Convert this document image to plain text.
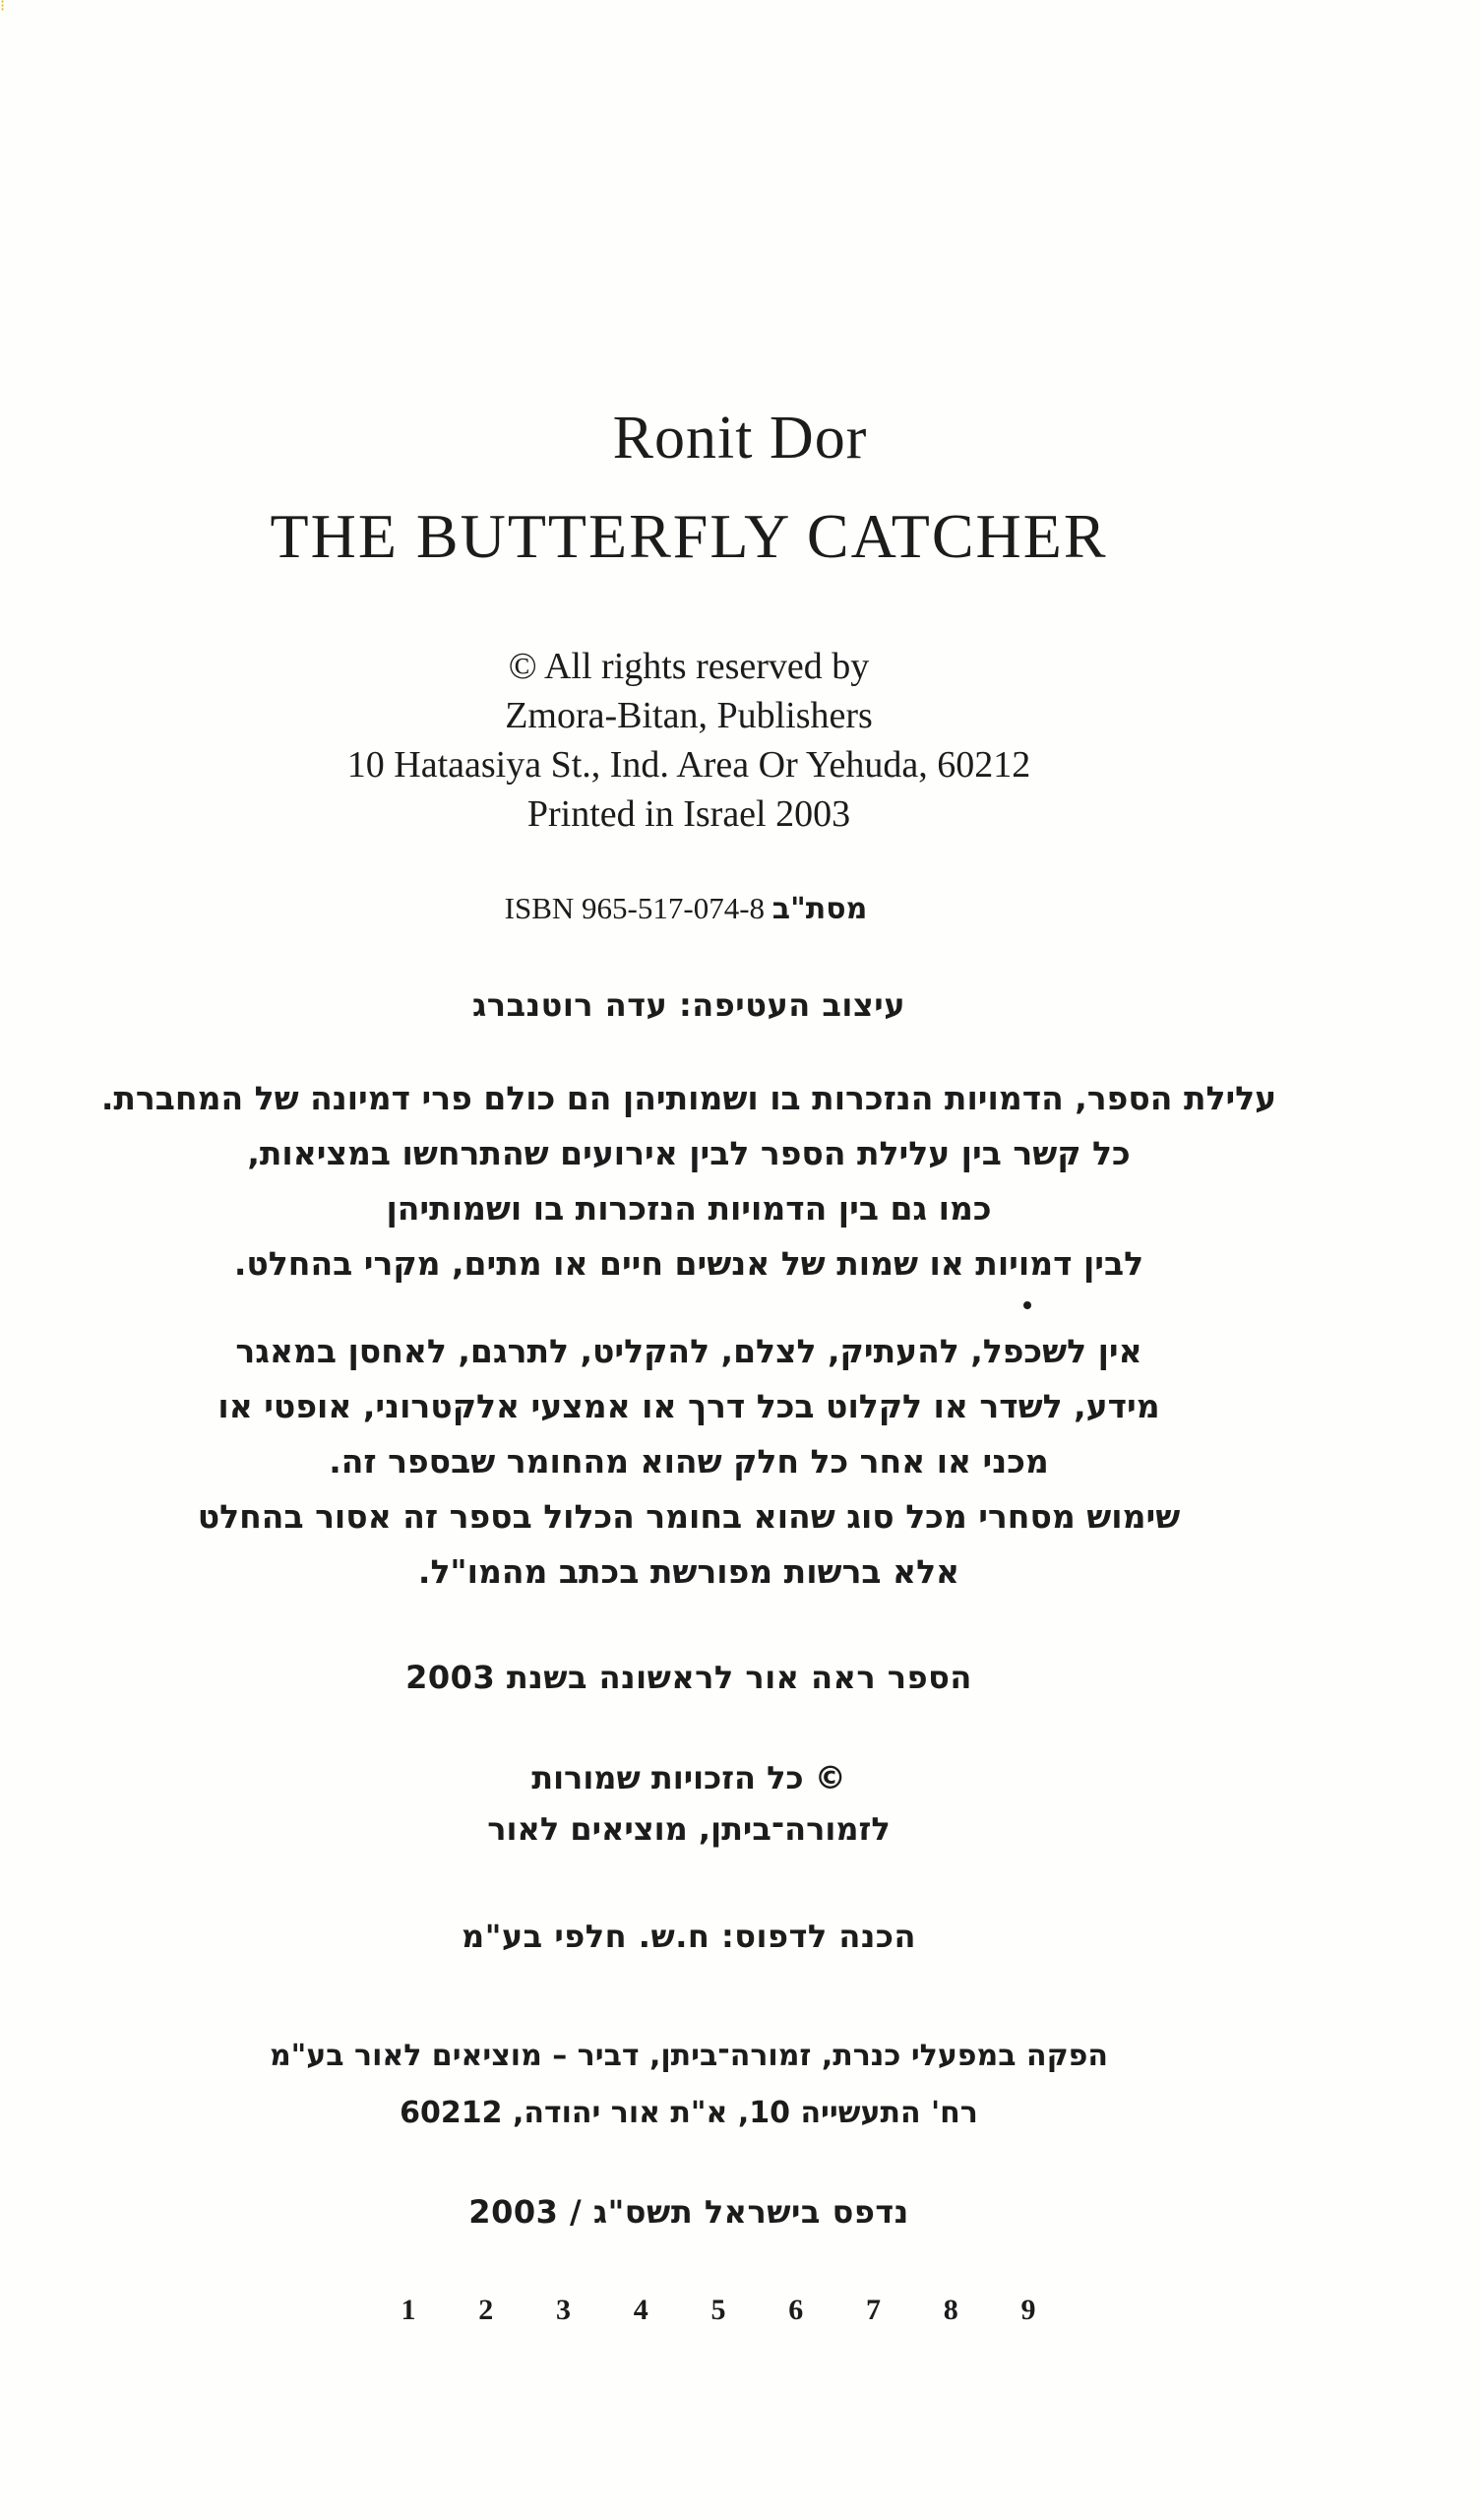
⁝
Ronit Dor
THE BUTTERFLY CATCHER
© All rights reserved by
Zmora-Bitan, Publishers
10 Hataasiya St., Ind. Area Or Yehuda, 60212
Printed in Israel 2003
ISBN 965-517-074-8 מסת"ב
עיצוב העטיפה: עדה רוטנברג
עלילת הספר, הדמויות הנזכרות בו ושמותיהן הם כולם פרי דמיונה של המחברת.
כל קשר בין עלילת הספר לבין אירועים שהתרחשו במציאות,
כמו גם בין הדמויות הנזכרות בו ושמותיהן
לבין דמויות או שמות של אנשים חיים או מתים, מקרי בהחלט.
אין לשכפל, להעתיק, לצלם, להקליט, לתרגם, לאחסן במאגר
מידע, לשדר או לקלוט בכל דרך או אמצעי אלקטרוני, אופטי או
מכני או אחר כל חלק שהוא מהחומר שבספר זה.
שימוש מסחרי מכל סוג שהוא בחומר הכלול בספר זה אסור בהחלט
אלא ברשות מפורשת בכתב מהמו"ל.
הספר ראה אור לראשונה בשנת 2003
© כל הזכויות שמורות
לזמורה־ביתן, מוציאים לאור
הכנה לדפוס: ח.ש. חלפי בע"מ
הפקה במפעלי כנרת, זמורה־ביתן, דביר – מוציאים לאור בע"מ
רח' התעשייה 10, א"ת אור יהודה, 60212
נדפס בישראל תשס"ג / 2003
1 2 3 4 5 6 7 8 9
